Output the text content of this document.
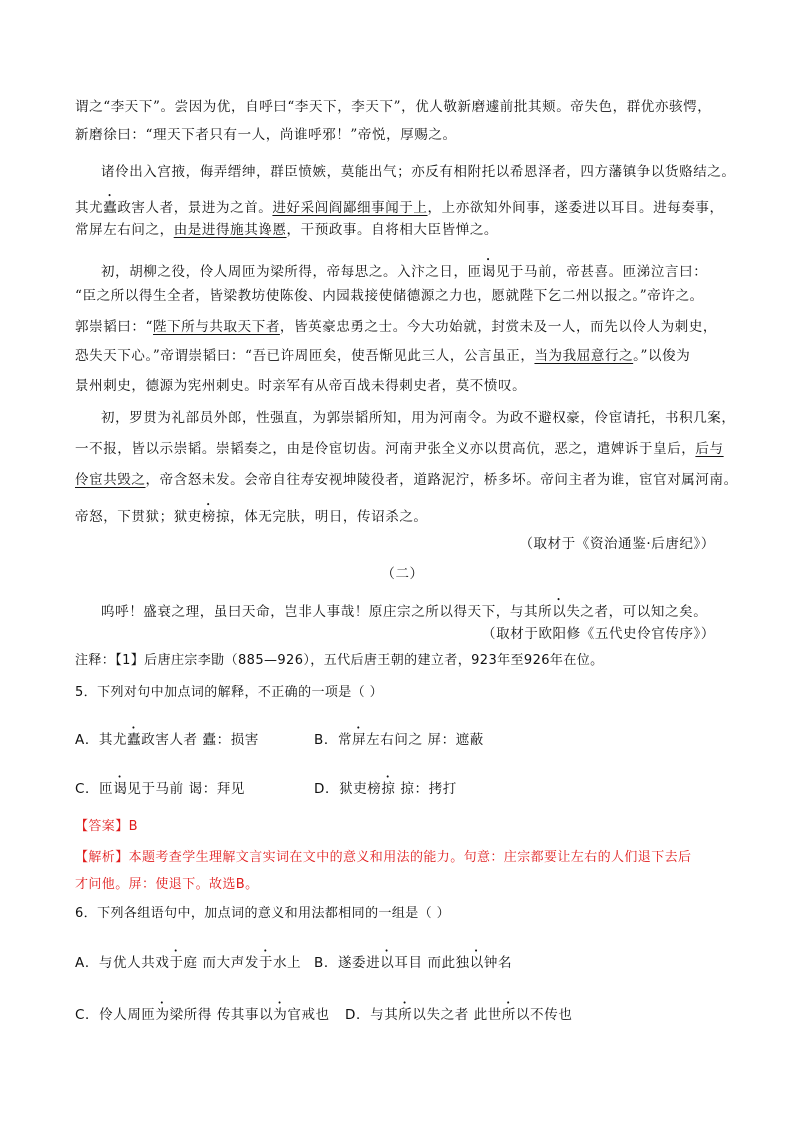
谓之“李天下”。尝因为优，自呼曰“李天下，李天下”，优人敬新磨遽前批其颊。帝失色，群优亦骇愕，
新磨徐曰：“理天下者只有一人，尚谁呼邪！”帝悦，厚赐之。
诸伶出入宫掖，侮弄缙绅，群臣愤嫉，莫能出气；亦反有相附托以希恩泽者，四方藩镇争以货赂结之。
其尤蠹政害人者，景进为之首。进好采闾阎鄙细事闻于上，上亦欲知外间事，遂委进以耳目。进每奏事，
常屏左右问之，由是进得施其谗慝，干预政事。自将相大臣皆惮之。
初，胡柳之役，伶人周匝为梁所得，帝每思之。入汴之日，匝谒见于马前，帝甚喜。匝涕泣言曰：
“臣之所以得生全者，皆梁教坊使陈俊、内园栽接使储德源之力也，愿就陛下乞二州以报之。”帝许之。
郭崇韬曰：“陛下所与共取天下者，皆英豪忠勇之士。今大功始就，封赏未及一人，而先以伶人为刺史，
恐失天下心。”帝谓崇韬曰：“吾已许周匝矣，使吾惭见此三人，公言虽正，当为我屈意行之。”以俊为
景州刺史，德源为宪州刺史。时亲军有从帝百战未得刺史者，莫不愤叹。
初，罗贯为礼部员外郎，性强直，为郭崇韬所知，用为河南令。为政不避权豪，伶宦请托，书积几案，
一不报，皆以示崇韬。崇韬奏之，由是伶宦切齿。河南尹张全义亦以贯高伉，恶之，遣婢诉于皇后，后与
伶宦共毁之，帝含怒未发。会帝自往寿安视坤陵役者，道路泥泞，桥多坏。帝问主者为谁，宦官对属河南。
帝怒，下贯狱；狱吏榜掠，体无完肤，明日，传诏杀之。
（取材于《资治通鉴·后唐纪》）
（二）
呜呼！盛衰之理，虽曰天命，岂非人事哉！原庄宗之所以得天下，与其所以失之者，可以知之矣。
（取材于欧阳修《五代史伶官传序》）
注释：【1】后唐庄宗李勖（885—926），五代后唐王朝的建立者，923年至926年在位。
5．下列对句中加点词的解释，不正确的一项是（ ）
A．其尤蠹政害人者 蠹：损害	B．常屏左右问之 屏：遮蔽
C．匝谒见于马前 谒：拜见	D．狱吏榜掠 掠：拷打
【答案】B
【解析】本题考查学生理解文言实词在文中的意义和用法的能力。句意：庄宗都要让左右的人们退下去后
才问他。屏：使退下。故选B。
6．下列各组语句中，加点词的意义和用法都相同的一组是（ ）
A．与优人共戏于庭 而大声发于水上 B．遂委进以耳目 而此独以钟名
C．伶人周匝为梁所得 传其事以为官戒也 D．与其所以失之者 此世所以不传也
